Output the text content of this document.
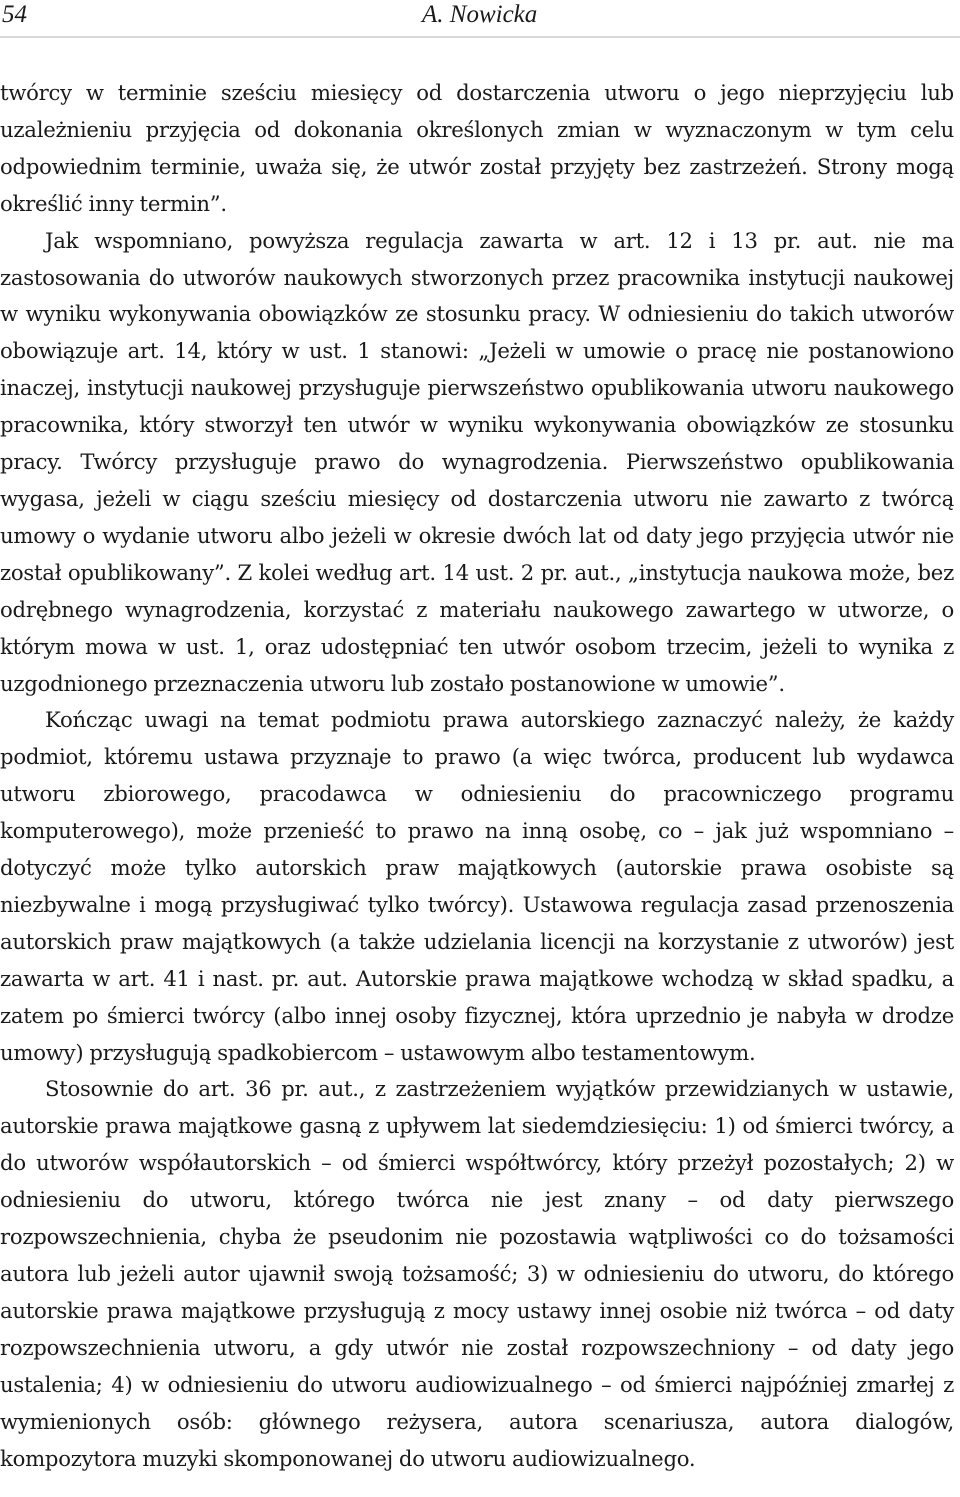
54	A. Nowicka

twórcy w terminie sześciu miesięcy od dostarczenia utworu o jego nieprzyjęciu lub uzależnieniu przyjęcia od dokonania określonych zmian w wyznaczonym w tym celu odpowiednim terminie, uważa się, że utwór został przyjęty bez zastrzeżeń. Strony mogą określić inny termin”.

Jak wspomniano, powyższa regulacja zawarta w art. 12 i 13 pr. aut. nie ma zastosowania do utworów naukowych stworzonych przez pracownika instytucji naukowej w wyniku wykonywania obowiązków ze stosunku pracy. W odniesieniu do takich utworów obowiązuje art. 14, który w ust. 1 stanowi: „Jeżeli w umowie o pracę nie postanowiono inaczej, instytucji naukowej przysługuje pierwszeństwo opublikowania utworu naukowego pracownika, który stworzył ten utwór w wyniku wykonywania obowiązków ze stosunku pracy. Twórcy przysługuje prawo do wynagrodzenia. Pierwszeństwo opublikowania wygasa, jeżeli w ciągu sześciu miesięcy od dostarczenia utworu nie zawarto z twórcą umowy o wydanie utworu albo jeżeli w okresie dwóch lat od daty jego przyjęcia utwór nie został opublikowany”. Z kolei według art. 14 ust. 2 pr. aut., „instytucja naukowa może, bez odrębnego wynagrodzenia, korzystać z materiału naukowego zawartego w utworze, o którym mowa w ust. 1, oraz udostępniać ten utwór osobom trzecim, jeżeli to wynika z uzgodnionego przeznaczenia utworu lub zostało postanowione w umowie”.

Kończąc uwagi na temat podmiotu prawa autorskiego zaznaczyć należy, że każdy podmiot, któremu ustawa przyznaje to prawo (a więc twórca, producent lub wydawca utworu zbiorowego, pracodawca w odniesieniu do pracowniczego programu komputerowego), może przenieść to prawo na inną osobę, co – jak już wspomniano – dotyczyć może tylko autorskich praw majątkowych (autorskie prawa osobiste są niezbywalne i mogą przysługiwać tylko twórcy). Ustawowa regulacja zasad przenoszenia autorskich praw majątkowych (a także udzielania licencji na korzystanie z utworów) jest zawarta w art. 41 i nast. pr. aut. Autorskie prawa majątkowe wchodzą w skład spadku, a zatem po śmierci twórcy (albo innej osoby fizycznej, która uprzednio je nabyła w drodze umowy) przysługują spadkobiercom – ustawowym albo testamentowym.

Stosownie do art. 36 pr. aut., z zastrzeżeniem wyjątków przewidzianych w ustawie, autorskie prawa majątkowe gasną z upływem lat siedemdziesięciu: 1) od śmierci twórcy, a do utworów współautorskich – od śmierci współtwórcy, który przeżył pozostałych; 2) w odniesieniu do utworu, którego twórca nie jest znany – od daty pierwszego rozpowszechnienia, chyba że pseudonim nie pozostawia wątpliwości co do tożsamości autora lub jeżeli autor ujawnił swoją tożsamość; 3) w odniesieniu do utworu, do którego autorskie prawa majątkowe przysługują z mocy ustawy innej osobie niż twórca – od daty rozpowszechnienia utworu, a gdy utwór nie został rozpowszechniony – od daty jego ustalenia; 4) w odniesieniu do utworu audiowizualnego – od śmierci najpóźniej zmarłej z wymienionych osób: głównego reżysera, autora scenariusza, autora dialogów, kompozytora muzyki skomponowanej do utworu audiowizualnego.
